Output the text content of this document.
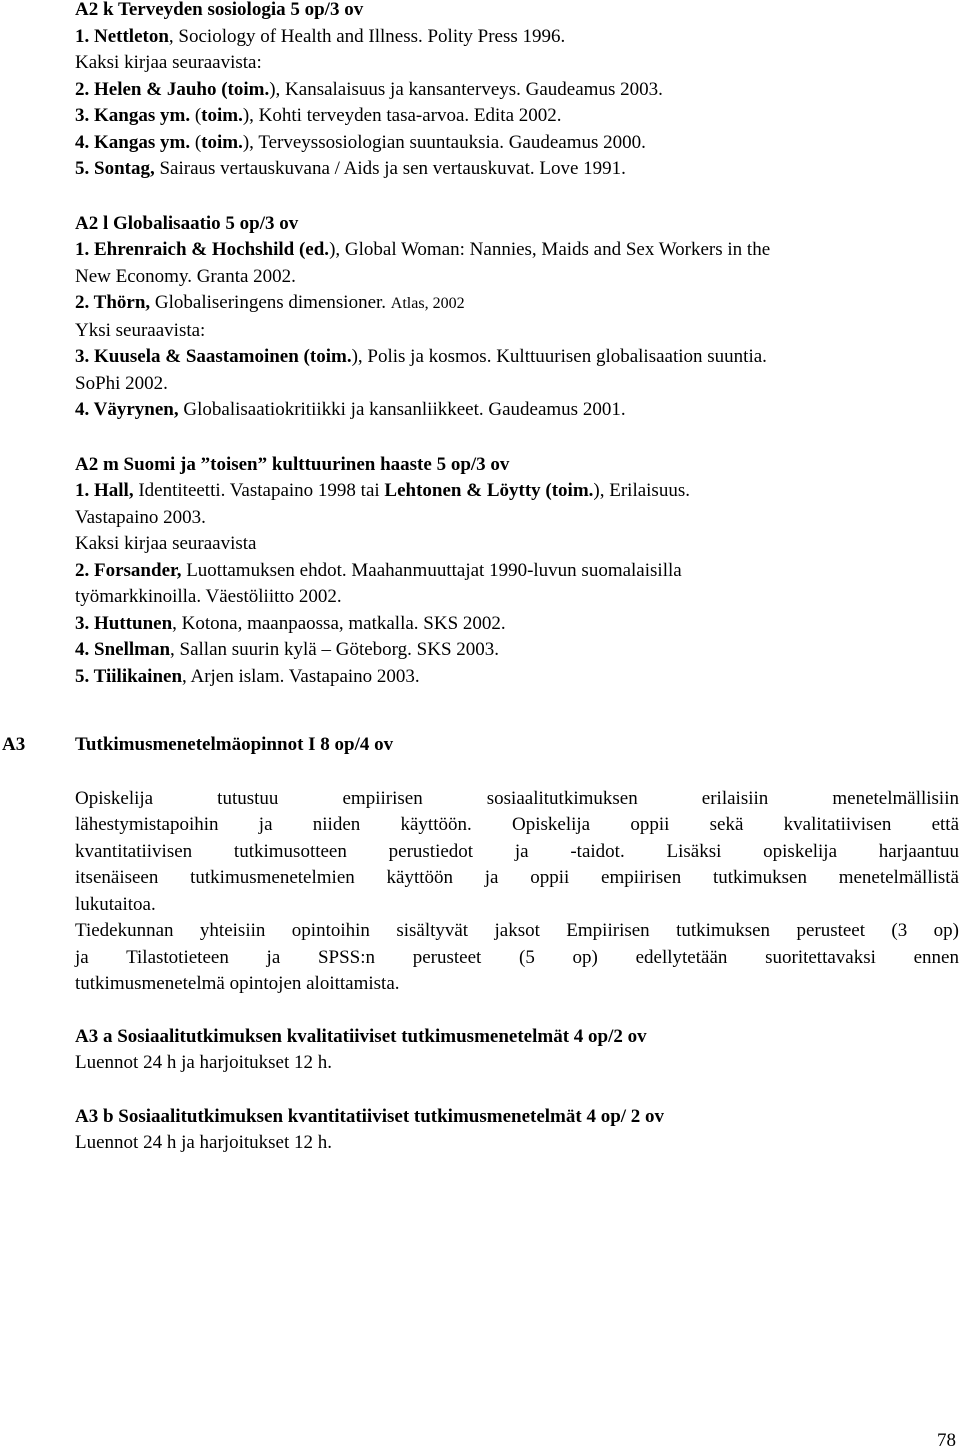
A2 k Terveyden sosiologia 5 op/3 ov
1. Nettleton, Sociology of Health and Illness. Polity Press 1996.
Kaksi kirjaa seuraavista:
2. Helen & Jauho (toim.), Kansalaisuus ja kansanterveys. Gaudeamus 2003.
3. Kangas ym. (toim.), Kohti terveyden tasa-arvoa. Edita 2002.
4. Kangas ym. (toim.), Terveyssosiologian suuntauksia. Gaudeamus 2000.
5. Sontag, Sairaus vertauskuvana / Aids ja sen vertauskuvat. Love 1991.
A2 l Globalisaatio 5 op/3 ov
1. Ehrenraich & Hochshild (ed.), Global Woman: Nannies, Maids and Sex Workers in the
New Economy. Granta 2002.
2. Thörn, Globaliseringens dimensioner. Atlas, 2002
Yksi seuraavista:
3. Kuusela & Saastamoinen (toim.), Polis ja kosmos. Kulttuurisen globalisaation suuntia.
SoPhi 2002.
4. Väyrynen, Globalisaatiokritiikki ja kansanliikkeet. Gaudeamus 2001.
A2 m Suomi ja ”toisen” kulttuurinen haaste 5 op/3 ov
1. Hall, Identiteetti. Vastapaino 1998 tai Lehtonen & Löytty (toim.), Erilaisuus.
Vastapaino 2003.
Kaksi kirjaa seuraavista
2. Forsander, Luottamuksen ehdot. Maahanmuuttajat 1990-luvun suomalaisilla
työmarkkinoilla. Väestöliitto 2002.
3. Huttunen, Kotona, maanpaossa, matkalla. SKS 2002.
4. Snellman, Sallan suurin kylä – Göteborg. SKS 2003.
5. Tiilikainen, Arjen islam. Vastapaino 2003.
A3	Tutkimusmenetelmäopinnot I 8 op/4 ov
Opiskelija tutustuu empiirisen sosiaalitutkimuksen erilaisiin menetelmällisiin
lähestymistapoihin ja niiden käyttöön. Opiskelija oppii sekä kvalitatiivisen että
kvantitatiivisen tutkimusotteen perustiedot ja -taidot. Lisäksi opiskelija harjaantuu
itsenäiseen tutkimusmenetelmien käyttöön ja oppii empiirisen tutkimuksen menetelmällistä
lukutaitoa.
Tiedekunnan yhteisiin opintoihin sisältyvät jaksot Empiirisen tutkimuksen perusteet (3 op)
ja Tilastotieteen ja SPSS:n perusteet (5 op) edellytetään suoritettavaksi ennen
tutkimusmenetelmä opintojen aloittamista.
A3 a Sosiaalitutkimuksen kvalitatiiviset tutkimusmenetelmät 4 op/2 ov
Luennot 24 h ja harjoitukset 12 h.
A3 b Sosiaalitutkimuksen kvantitatiiviset tutkimusmenetelmät 4 op/ 2 ov
Luennot 24 h ja harjoitukset 12 h.
78
